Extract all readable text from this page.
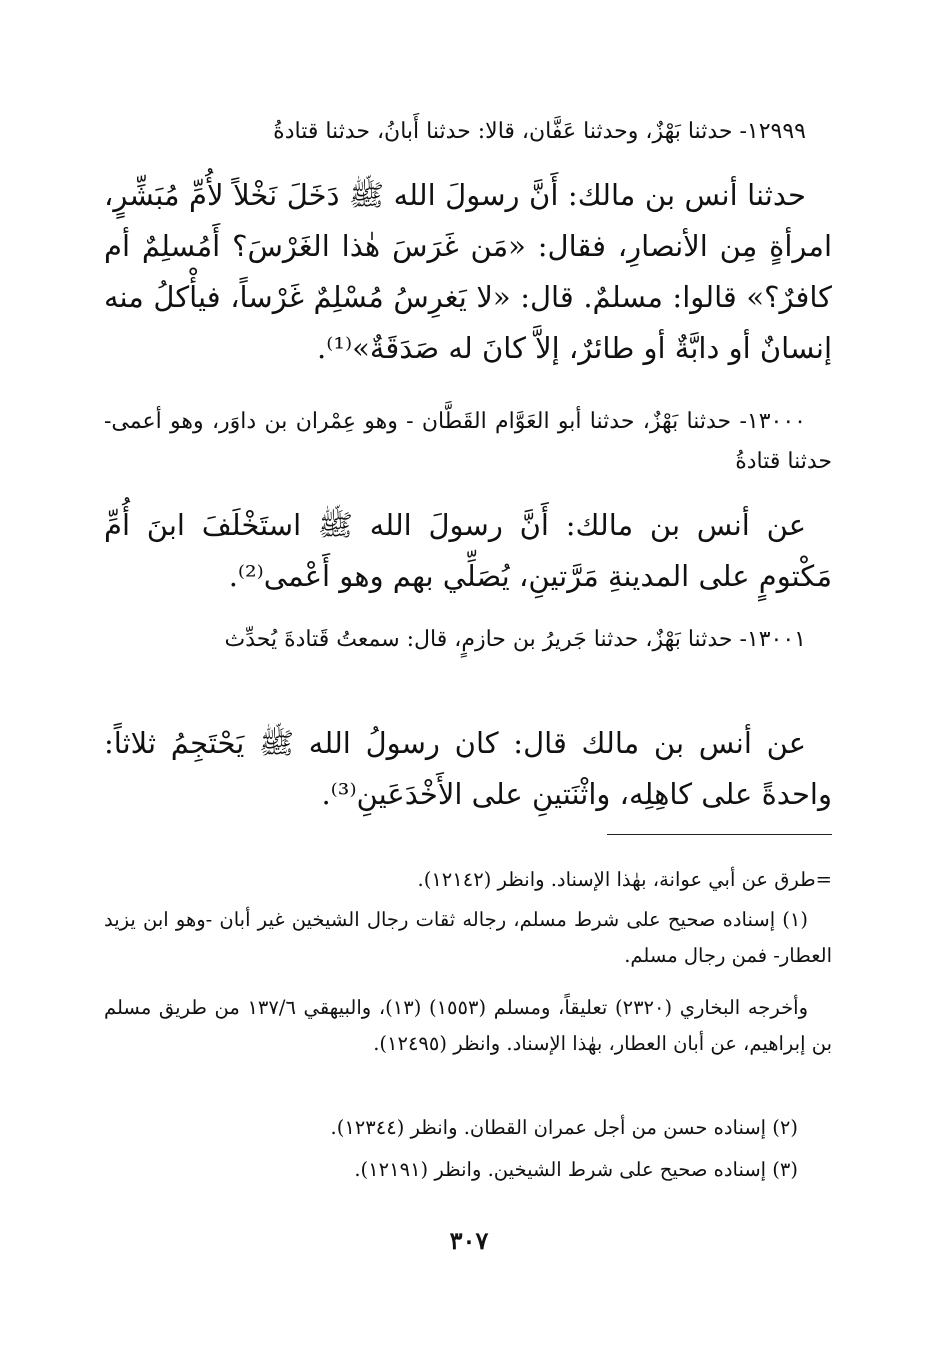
١٢٩٩٩- حدثنا بَهْزٌ، وحدثنا عَفَّان، قالا: حدثنا أَبانُ، حدثنا قتادةُ

حدثنا أنس بن مالك: أَنَّ رسولَ الله ﷺ دَخَلَ نَخْلاً لأُمِّ مُبَشِّرٍ، امرأةٍ مِن الأنصارِ، فقال: «مَن غَرَسَ هٰذا الغَرْسَ؟ أَمُسلِمٌ أم كافرٌ؟» قالوا: مسلمٌ. قال: «لا يَغرِسُ مُسْلِمٌ غَرْساً، فيأْكلُ منه إنسانٌ أو دابَّةٌ أو طائرٌ، إلاَّ كانَ له صَدَقَةٌ»⁽¹⁾.

١٣٠٠٠- حدثنا بَهْزٌ، حدثنا أبو العَوَّام القَطَّان - وهو عِمْران بن داوَر، وهو أعمى- حدثنا قتادةُ

عن أنس بن مالك: أَنَّ رسولَ الله ﷺ استَخْلَفَ ابنَ أُمِّ مَكْتومٍ على المدينةِ مَرَّتينِ، يُصَلِّي بهم وهو أَعْمى⁽²⁾.

١٣٠٠١- حدثنا بَهْزٌ، حدثنا جَريرُ بن حازمٍ، قال: سمعتُ قَتادةَ يُحدِّث

عن أنس بن مالك قال: كان رسولُ الله ﷺ يَحْتَجِمُ ثلاثاً: واحدةً على كاهِلِه، واثْنَتينِ على الأَخْدَعَينِ⁽³⁾.

=طرق عن أبي عوانة، بهٰذا الإسناد. وانظر (١٢١٤٢).

(١) إسناده صحيح على شرط مسلم، رجاله ثقات رجال الشيخين غير أبان -وهو ابن يزيد العطار- فمن رجال مسلم.

وأخرجه البخاري (٢٣٢٠) تعليقاً، ومسلم (١٥٥٣) (١٣)، والبيهقي ١٣٧/٦ من طريق مسلم بن إبراهيم، عن أبان العطار، بهٰذا الإسناد. وانظر (١٢٤٩٥).

(٢) إسناده حسن من أجل عمران القطان. وانظر (١٢٣٤٤).

(٣) إسناده صحيح على شرط الشيخين. وانظر (١٢١٩١).

٣٠٧
